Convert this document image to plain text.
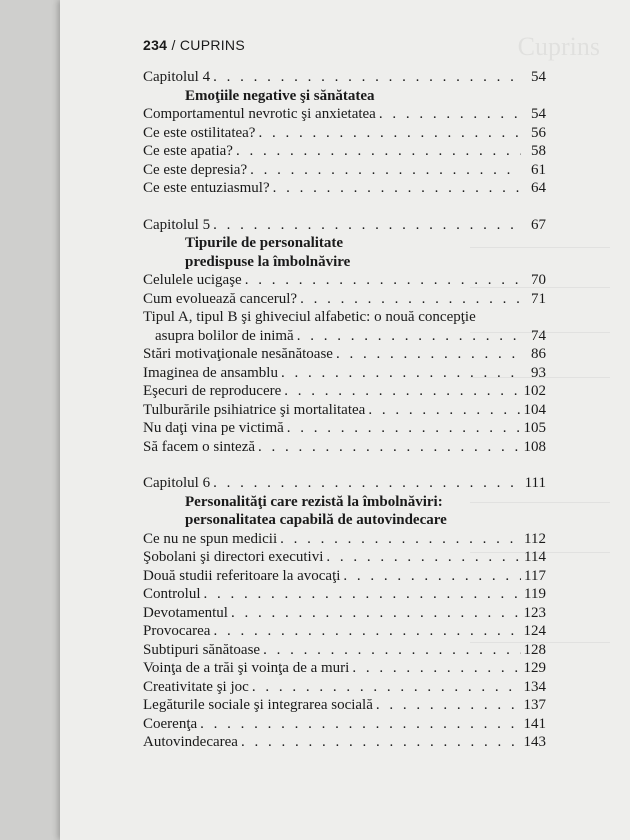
Cuprins
234 / CUPRINS
Capitolul 4 . . .	54
Emoţiile negative şi sănătatea
Comportamentul nevrotic şi anxietatea . . .	54
Ce este ostilitatea? . . .	56
Ce este apatia? . . .	58
Ce este depresia? . . .	61
Ce este entuziasmul? . . .	64
Capitolul 5 . . .	67
Tipurile de personalitate
predispuse la îmbolnăvire
Celulele ucigaşe . . .	70
Cum evoluează cancerul? . . .	71
Tipul A, tipul B şi ghiveciul alfabetic: o nouă concepţie
asupra bolilor de inimă . . .	74
Stări motivaţionale nesănătoase . . .	86
Imaginea de ansamblu . . .	93
Eşecuri de reproducere . . .	102
Tulburările psihiatrice şi mortalitatea . . .	104
Nu daţi vina pe victimă . . .	105
Să facem o sinteză . . .	108
Capitolul 6 . . .	111
Personalităţi care rezistă la îmbolnăviri:
personalitatea capabilă de autovindecare
Ce nu ne spun medicii . . .	112
Şobolani şi directori executivi . . .	114
Două studii referitoare la avocaţi . . .	117
Controlul . . .	119
Devotamentul . . .	123
Provocarea . . .	124
Subtipuri sănătoase . . .	128
Voinţa de a trăi şi voinţa de a muri . . .	129
Creativitate şi joc . . .	134
Legăturile sociale şi integrarea socială . . .	137
Coerenţa . . .	141
Autovindecarea . . .	143
